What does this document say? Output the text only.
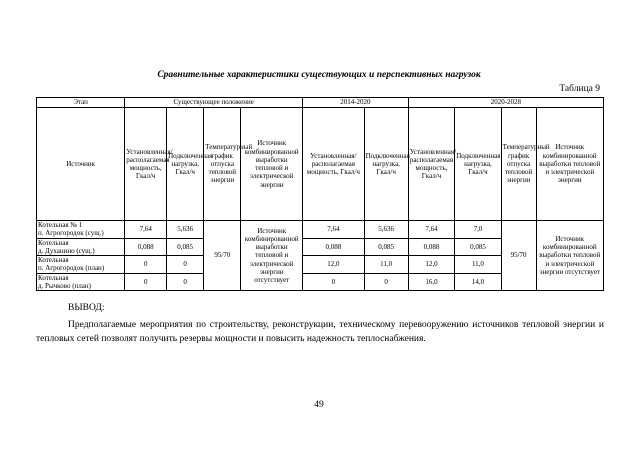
Сравнительные характеристики существующих и перспективных нагрузок
Таблица 9
Этап	Существующее положение				2014-2020		2020-2028			
Источник	Установленная/располагаемая мощность, Гкал/ч	Подключенная нагрузка, Гкал/ч	Температурный график отпуска тепловой энергии	Источник комбинированной выработки тепловой и электрической энергии	Установленная/располагаемая мощность, Гкал/ч	Подключенная нагрузка, Гкал/ч	Установленная/располагаемая мощность, Гкал/ч	Подключенная нагрузка, Гкал/ч	Температурный график отпуска тепловой энергии	Источник комбинированной выработки тепловой и электрической энергии
Котельная № 1
п. Агрогородок (сущ.)	7,64	5,636	95/70	Источник комбинированной выработки тепловой и электрической энергии отсутствует	7,64	5,636	7,64	7,0	95/70	Источник комбинированной выработки тепловой и электрической энергии отсутствует
Котельная
д. Духанино (сущ.)	0,088	0,085			0,088	0,085	0,088	0,085		
Котельная
п. Агрогородок (план)	0	0			12,0	11,0	12,0	11,0		
Котельная
д. Рычково (план)	0	0			0	0	16,0	14,0		
ВЫВОД:
Предполагаемые мероприятия по строительству, реконструкции, техническому перевооружению источников тепловой энергии и тепловых сетей позволят получить резервы мощности и повысить надежность теплоснабжения.
49
